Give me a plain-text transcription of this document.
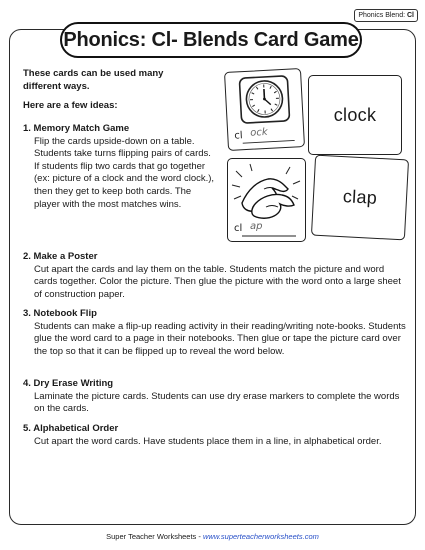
Phonics Blend: Cl
Phonics: Cl- Blends Card Game
These cards can be used many different ways.
Here are a few ideas:
1. Memory Match Game
Flip the cards upside-down on a table. Students take turns flipping pairs of cards. If students flip two cards that go together (ex: picture of a clock and the word clock.), then they get to keep both cards. The player with the most matches wins.
2. Make a Poster
Cut apart the cards and lay them on the table. Students match the picture and word cards together. Color the picture. Then glue the picture with the word onto a large sheet of construction paper.
3. Notebook Flip
Students can make a flip-up reading activity in their reading/writing note-books. Students glue the word card to a page in their notebooks. Then glue or tape the picture card over the top so that it can be flipped up to reveal the word below.
4. Dry Erase Writing
Laminate the picture cards. Students can use dry erase markers to complete the words on the cards.
5. Alphabetical Order
Cut apart the word cards. Have students place them in a line, in alphabetical order.
cl ock
clock
cl ap
clap
Super Teacher Worksheets - www.superteacherworksheets.com
